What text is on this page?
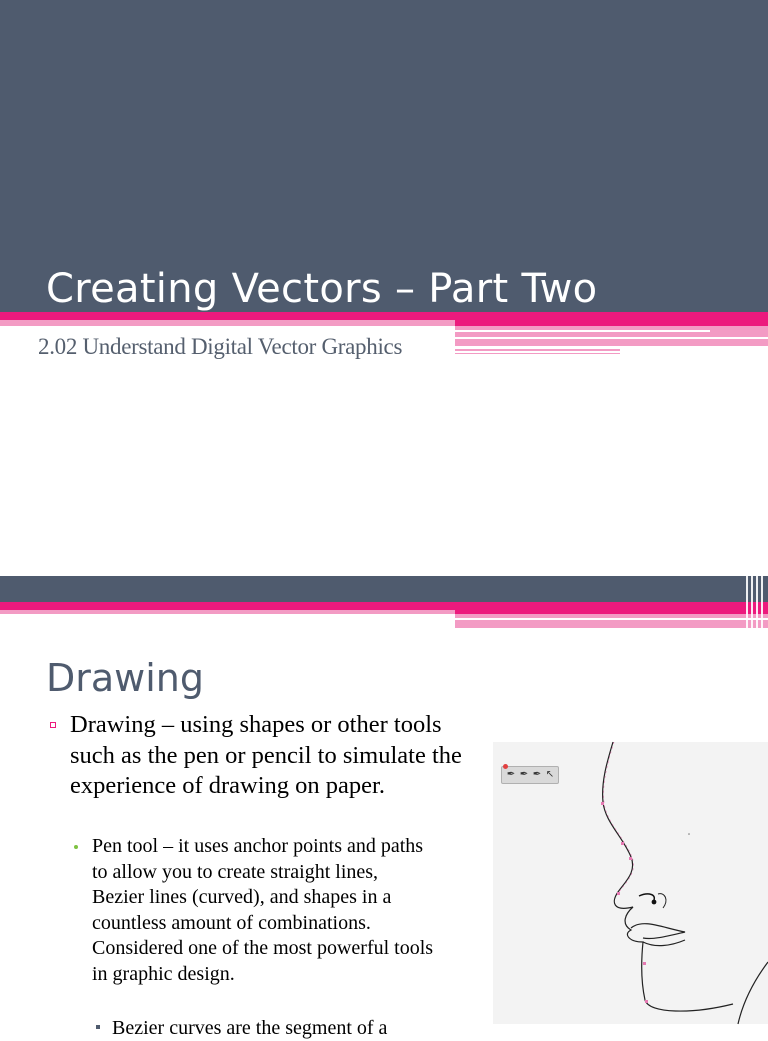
Creating Vectors – Part Two
2.02 Understand Digital Vector Graphics
Drawing
Drawing – using shapes or other tools such as the pen or pencil to simulate the experience of drawing on paper.
Pen tool – it uses anchor points and paths to allow you to create straight lines, Bezier lines (curved), and shapes in a countless amount of combinations. Considered one of the most powerful tools in graphic design.
Bezier curves are the segment of a
✒ ✒ ✒ ↖
